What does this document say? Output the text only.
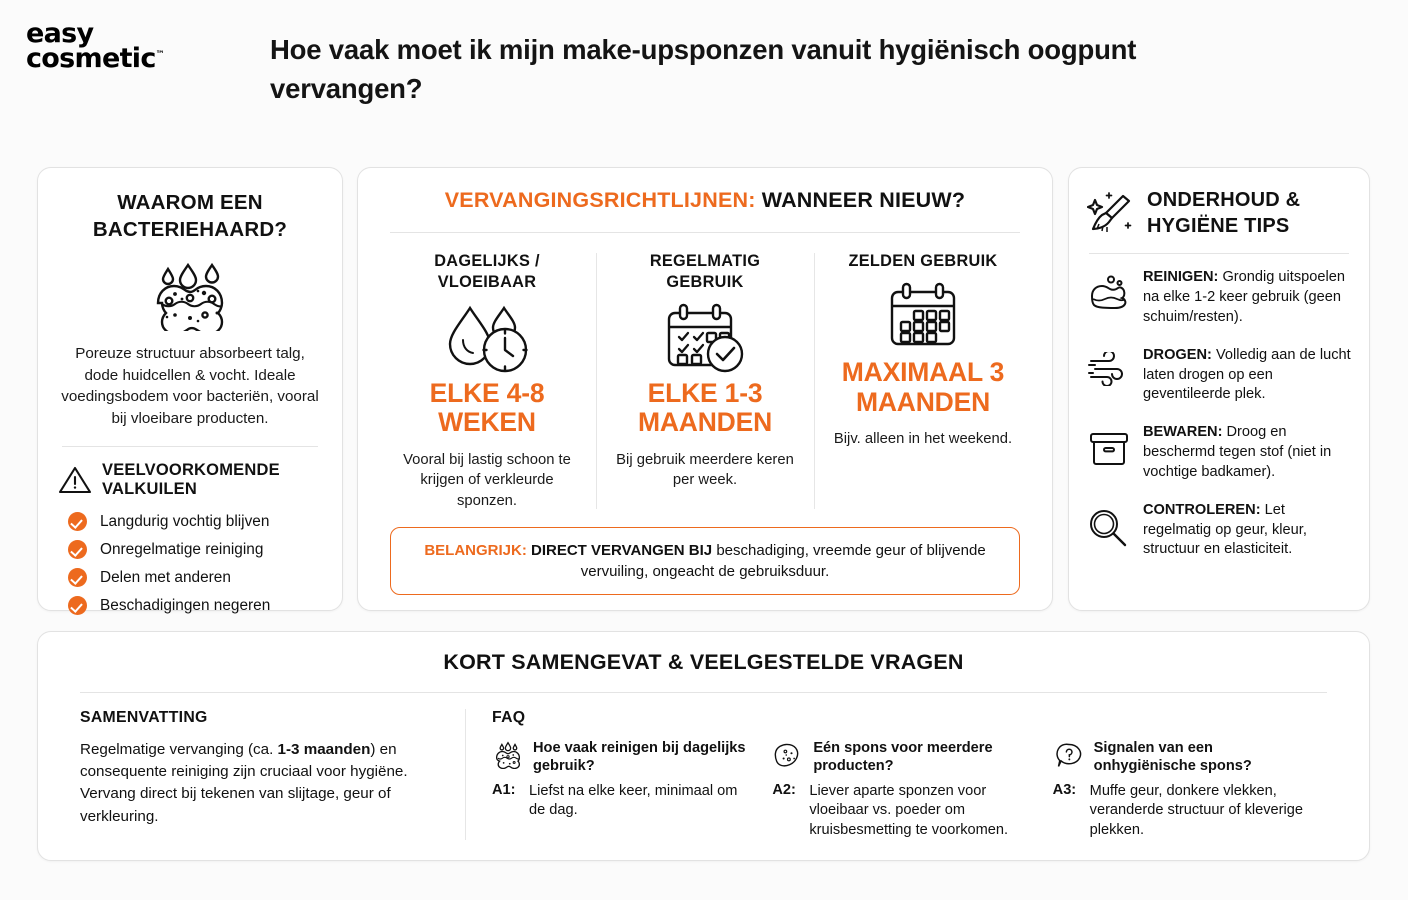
easy
cosmetic™	Hoe vaak moet ik mijn make-upsponzen vanuit hygiënisch oogpunt vervangen?
WAAROM EEN BACTERIEHAARD?
Poreuze structuur absorbeert talg, dode huidcellen & vocht. Ideale voedingsbodem voor bacteriën, vooral bij vloeibare producten.
VEELVOORKOMENDE VALKUILEN
Langdurig vochtig blijven
Onregelmatige reiniging
Delen met anderen
Beschadigingen negeren
VERVANGINGSRICHTLIJNEN: WANNEER NIEUW?
DAGELIJKS / VLOEIBAAR
ELKE 4-8 WEKEN
Vooral bij lastig schoon te krijgen of verkleurde sponzen.
REGELMATIG GEBRUIK
ELKE 1-3 MAANDEN
Bij gebruik meerdere keren per week.
ZELDEN GEBRUIK
MAXIMAAL 3 MAANDEN
Bijv. alleen in het weekend.
BELANGRIJK: DIRECT VERVANGEN BIJ beschadiging, vreemde geur of blijvende vervuiling, ongeacht de gebruiksduur.
ONDERHOUD & HYGIËNE TIPS
REINIGEN: Grondig uitspoelen na elke 1-2 keer gebruik (geen schuim/resten).
DROGEN: Volledig aan de lucht laten drogen op een geventileerde plek.
BEWAREN: Droog en beschermd tegen stof (niet in vochtige badkamer).
CONTROLEREN: Let regelmatig op geur, kleur, structuur en elasticiteit.
KORT SAMENGEVAT & VEELGESTELDE VRAGEN
SAMENVATTING
Regelmatige vervanging (ca. 1-3 maanden) en consequente reiniging zijn cruciaal voor hygiëne. Vervang direct bij tekenen van slijtage, geur of verkleuring.
FAQ
Hoe vaak reinigen bij dagelijks gebruik?
A1: Liefst na elke keer, minimaal om de dag.
Eén spons voor meerdere producten?
A2: Liever aparte sponzen voor vloeibaar vs. poeder om kruisbesmetting te voorkomen.
Signalen van een onhygiënische spons?
A3: Muffe geur, donkere vlekken, veranderde structuur of kleverige plekken.
